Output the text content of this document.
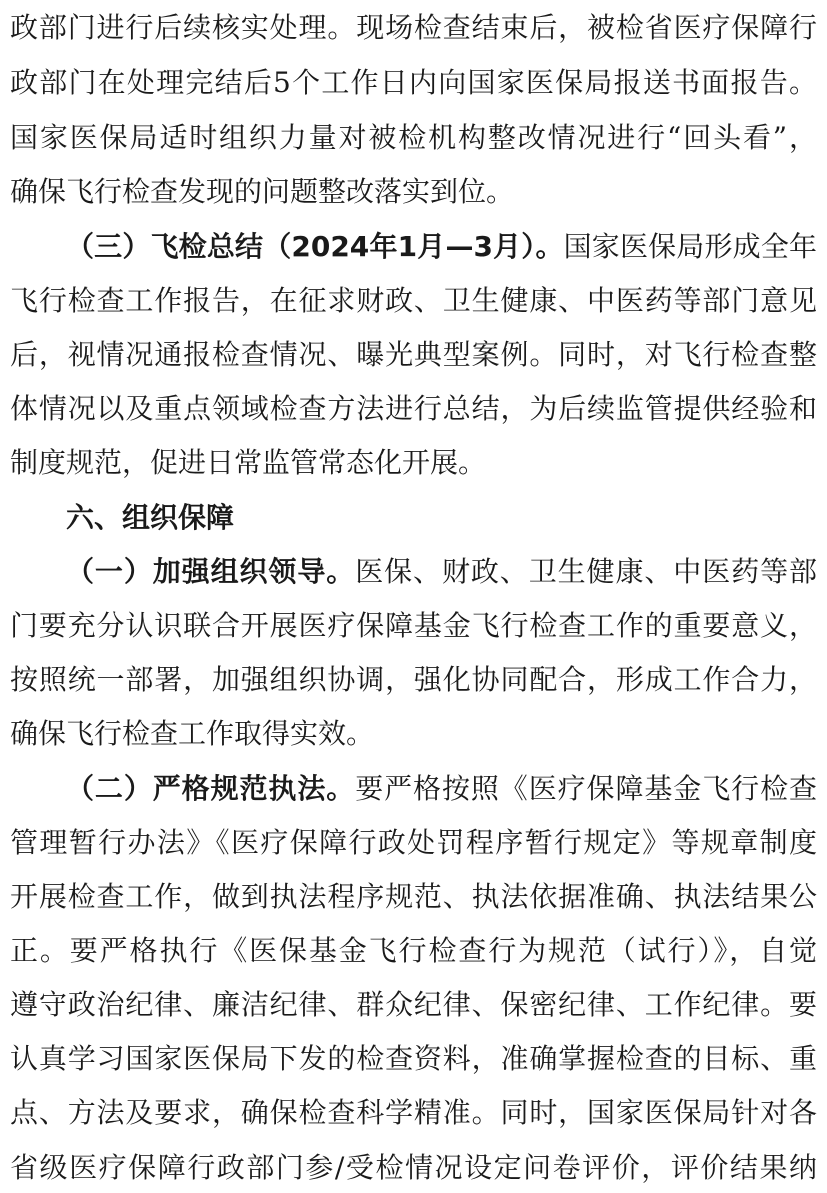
政部门进行后续核实处理。现场检查结束后，被检省医疗保障行
政部门在处理完结后5个工作日内向国家医保局报送书面报告。
国家医保局适时组织力量对被检机构整改情况进行“回头看”，
确保飞行检查发现的问题整改落实到位。
（三）飞检总结（2024年1月—3月）。国家医保局形成全年
飞行检查工作报告，在征求财政、卫生健康、中医药等部门意见
后，视情况通报检查情况、曝光典型案例。同时，对飞行检查整
体情况以及重点领域检查方法进行总结，为后续监管提供经验和
制度规范，促进日常监管常态化开展。
六、组织保障
（一）加强组织领导。医保、财政、卫生健康、中医药等部
门要充分认识联合开展医疗保障基金飞行检查工作的重要意义，
按照统一部署，加强组织协调，强化协同配合，形成工作合力，
确保飞行检查工作取得实效。
（二）严格规范执法。要严格按照《医疗保障基金飞行检查
管理暂行办法》《医疗保障行政处罚程序暂行规定》等规章制度
开展检查工作，做到执法程序规范、执法依据准确、执法结果公
正。要严格执行《医保基金飞行检查行为规范（试行）》，自觉
遵守政治纪律、廉洁纪律、群众纪律、保密纪律、工作纪律。要
认真学习国家医保局下发的检查资料，准确掌握检查的目标、重
点、方法及要求，确保检查科学精准。同时，国家医保局针对各
省级医疗保障行政部门参/受检情况设定问卷评价，评价结果纳
